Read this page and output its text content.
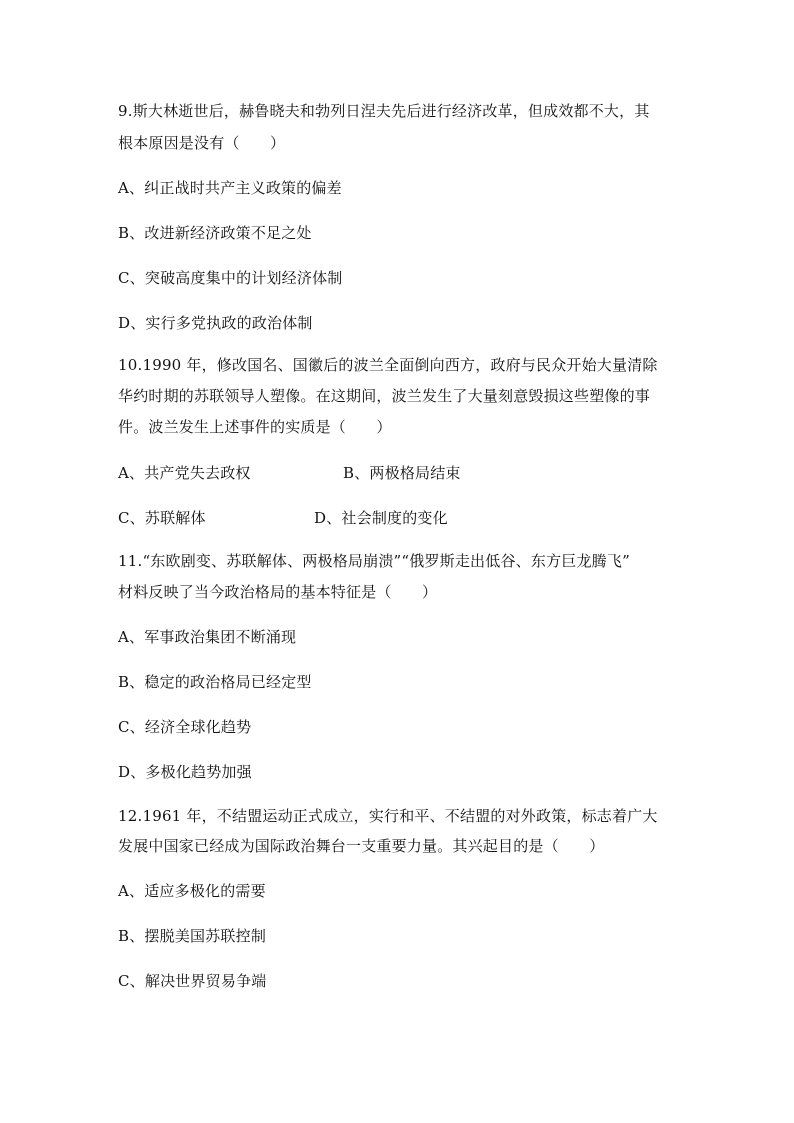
9.斯大林逝世后，赫鲁晓夫和勃列日涅夫先后进行经济改革，但成效都不大，其
根本原因是没有（　　）
A、纠正战时共产主义政策的偏差
B、改进新经济政策不足之处
C、突破高度集中的计划经济体制
D、实行多党执政的政治体制
10.1990 年，修改国名、国徽后的波兰全面倒向西方，政府与民众开始大量清除
华约时期的苏联领导人塑像。在这期间，波兰发生了大量刻意毁损这些塑像的事
件。波兰发生上述事件的实质是（　　）
A、共产党失去政权	B、两极格局结束
C、苏联解体	D、社会制度的变化
11.“东欧剧变、苏联解体、两极格局崩溃”“俄罗斯走出低谷、东方巨龙腾飞”
材料反映了当今政治格局的基本特征是（　　）
A、军事政治集团不断涌现
B、稳定的政治格局已经定型
C、经济全球化趋势
D、多极化趋势加强
12.1961 年，不结盟运动正式成立，实行和平、不结盟的对外政策，标志着广大
发展中国家已经成为国际政治舞台一支重要力量。其兴起目的是（　　）
A、适应多极化的需要
B、摆脱美国苏联控制
C、解决世界贸易争端
